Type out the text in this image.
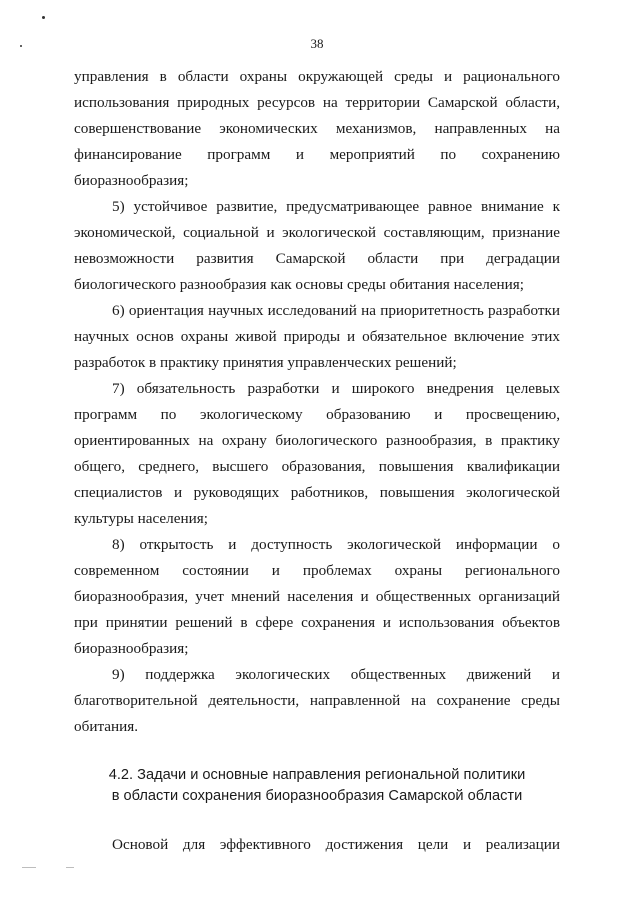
38

управления в области охраны окружающей среды и рационального использования природных ресурсов на территории Самарской области, совершенствование экономических механизмов, направленных на финансирование программ и мероприятий по сохранению биоразнообразия;

5) устойчивое развитие, предусматривающее равное внимание к экономической, социальной и экологической составляющим, признание невозможности развития Самарской области при деградации биологического разнообразия как основы среды обитания населения;

6) ориентация научных исследований на приоритетность разработки научных основ охраны живой природы и обязательное включение этих разработок в практику принятия управленческих решений;

7) обязательность разработки и широкого внедрения целевых программ по экологическому образованию и просвещению, ориентированных на охрану биологического разнообразия, в практику общего, среднего, высшего образования, повышения квалификации специалистов и руководящих работников, повышения экологической культуры населения;

8) открытость и доступность экологической информации о современном состоянии и проблемах охраны регионального биоразнообразия, учет мнений населения и общественных организаций при принятии решений в сфере сохранения и использования объектов биоразнообразия;

9) поддержка экологических общественных движений и благотворительной деятельности, направленной на сохранение среды обитания.

4.2. Задачи и основные направления региональной политики
в области сохранения биоразнообразия Самарской области

Основой для эффективного достижения цели и реализации
